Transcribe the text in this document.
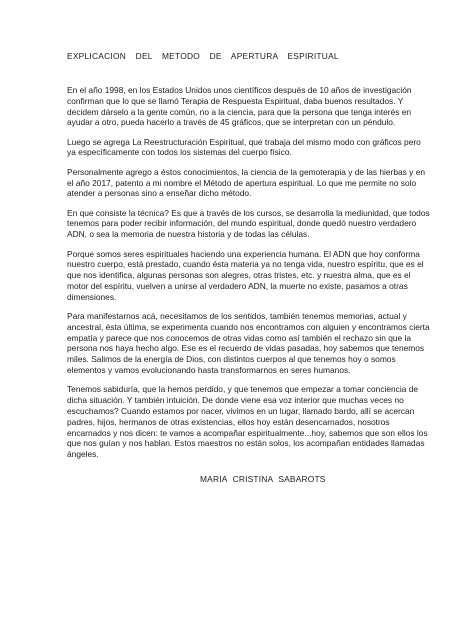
EXPLICACION DEL METODO DE APERTURA ESPIRITUAL

En el año 1998, en los Estados Unidos unos científicos después de 10 años de investigación confirman que lo que se llamó Terapia de Respuesta Espiritual, daba buenos resultados. Y decidem dárselo a la gente común, no a la ciencia, para que la persona que tenga interés en ayudar a otro, pueda hacerlo a través de 45 gráficos, que se interpretan con un péndulo.

Luego se agrega La Reestructuración Espiritual, que trabaja del mismo modo con gráficos pero ya específicamente con todos los sistemas del cuerpo físico.

Personalmente agrego a éstos conocimientos, la ciencia de la gemoterapia y de las hierbas y en el año 2017, patento a mi nombre el Método de apertura espiritual. Lo que me permite no solo atender a personas sino a enseñar dicho método.

En que consiste la técnica? Es que a través de los cursos, se desarrolla la mediunidad, que todos tenemos para poder recibir información, del mundo espiritual, donde quedó nuestro verdadero ADN, o sea la memoria de nuestra historia y de todas las células.

Porque somos seres espirituales haciendo una experiencia humana. El ADN que hoy conforma nuestro cuerpo, está prestado, cuando ésta materia ya no tenga vida, nuestro espíritu, que es el que nos identifica, algunas personas son alegres, otras tristes, etc. y nuestra alma, que es el motor del espíritu, vuelven a unirse al verdadero ADN, la muerte no existe, pasamos a otras dimensiones.

Para manifestarnos acá, necesitamos de los sentidos, también tenemos memorias, actual y ancestral, ésta última, se experimenta cuando nos encontramos con alguien y encontramos cierta empatía y parece que nos conocemos de otras vidas como así también el rechazo sin que la persona nos haya hecho algo. Ese es el recuerdo de vidas pasadas, hoy sabemos que tenemos miles. Salimos de la energía de Dios, con distintos cuerpos al que tenemos hoy o somos elementos y vamos evolucionando hasta transformarnos en seres humanos.

Tenemos sabiduría, que la hemos perdido, y que tenemos que empezar a tomar conciencia de dicha situación. Y también intuición. De donde viene esa voz interior que muchas veces no escuchamos? Cuando estamos por nacer, vivimos en un lugar, llamado bardo, allí se acercan padres, hijos, hermanos de otras existencias, ellos hoy están desencarnados, nosotros encarnados y nos dicen: te vamos a acompañar espiritualmente...hoy, sabemos que son ellos los que nos guían y nos hablan. Estos maestros no están solos, los acompañan entidades llamadas ángeles.

MARIA CRISTINA SABAROTS
